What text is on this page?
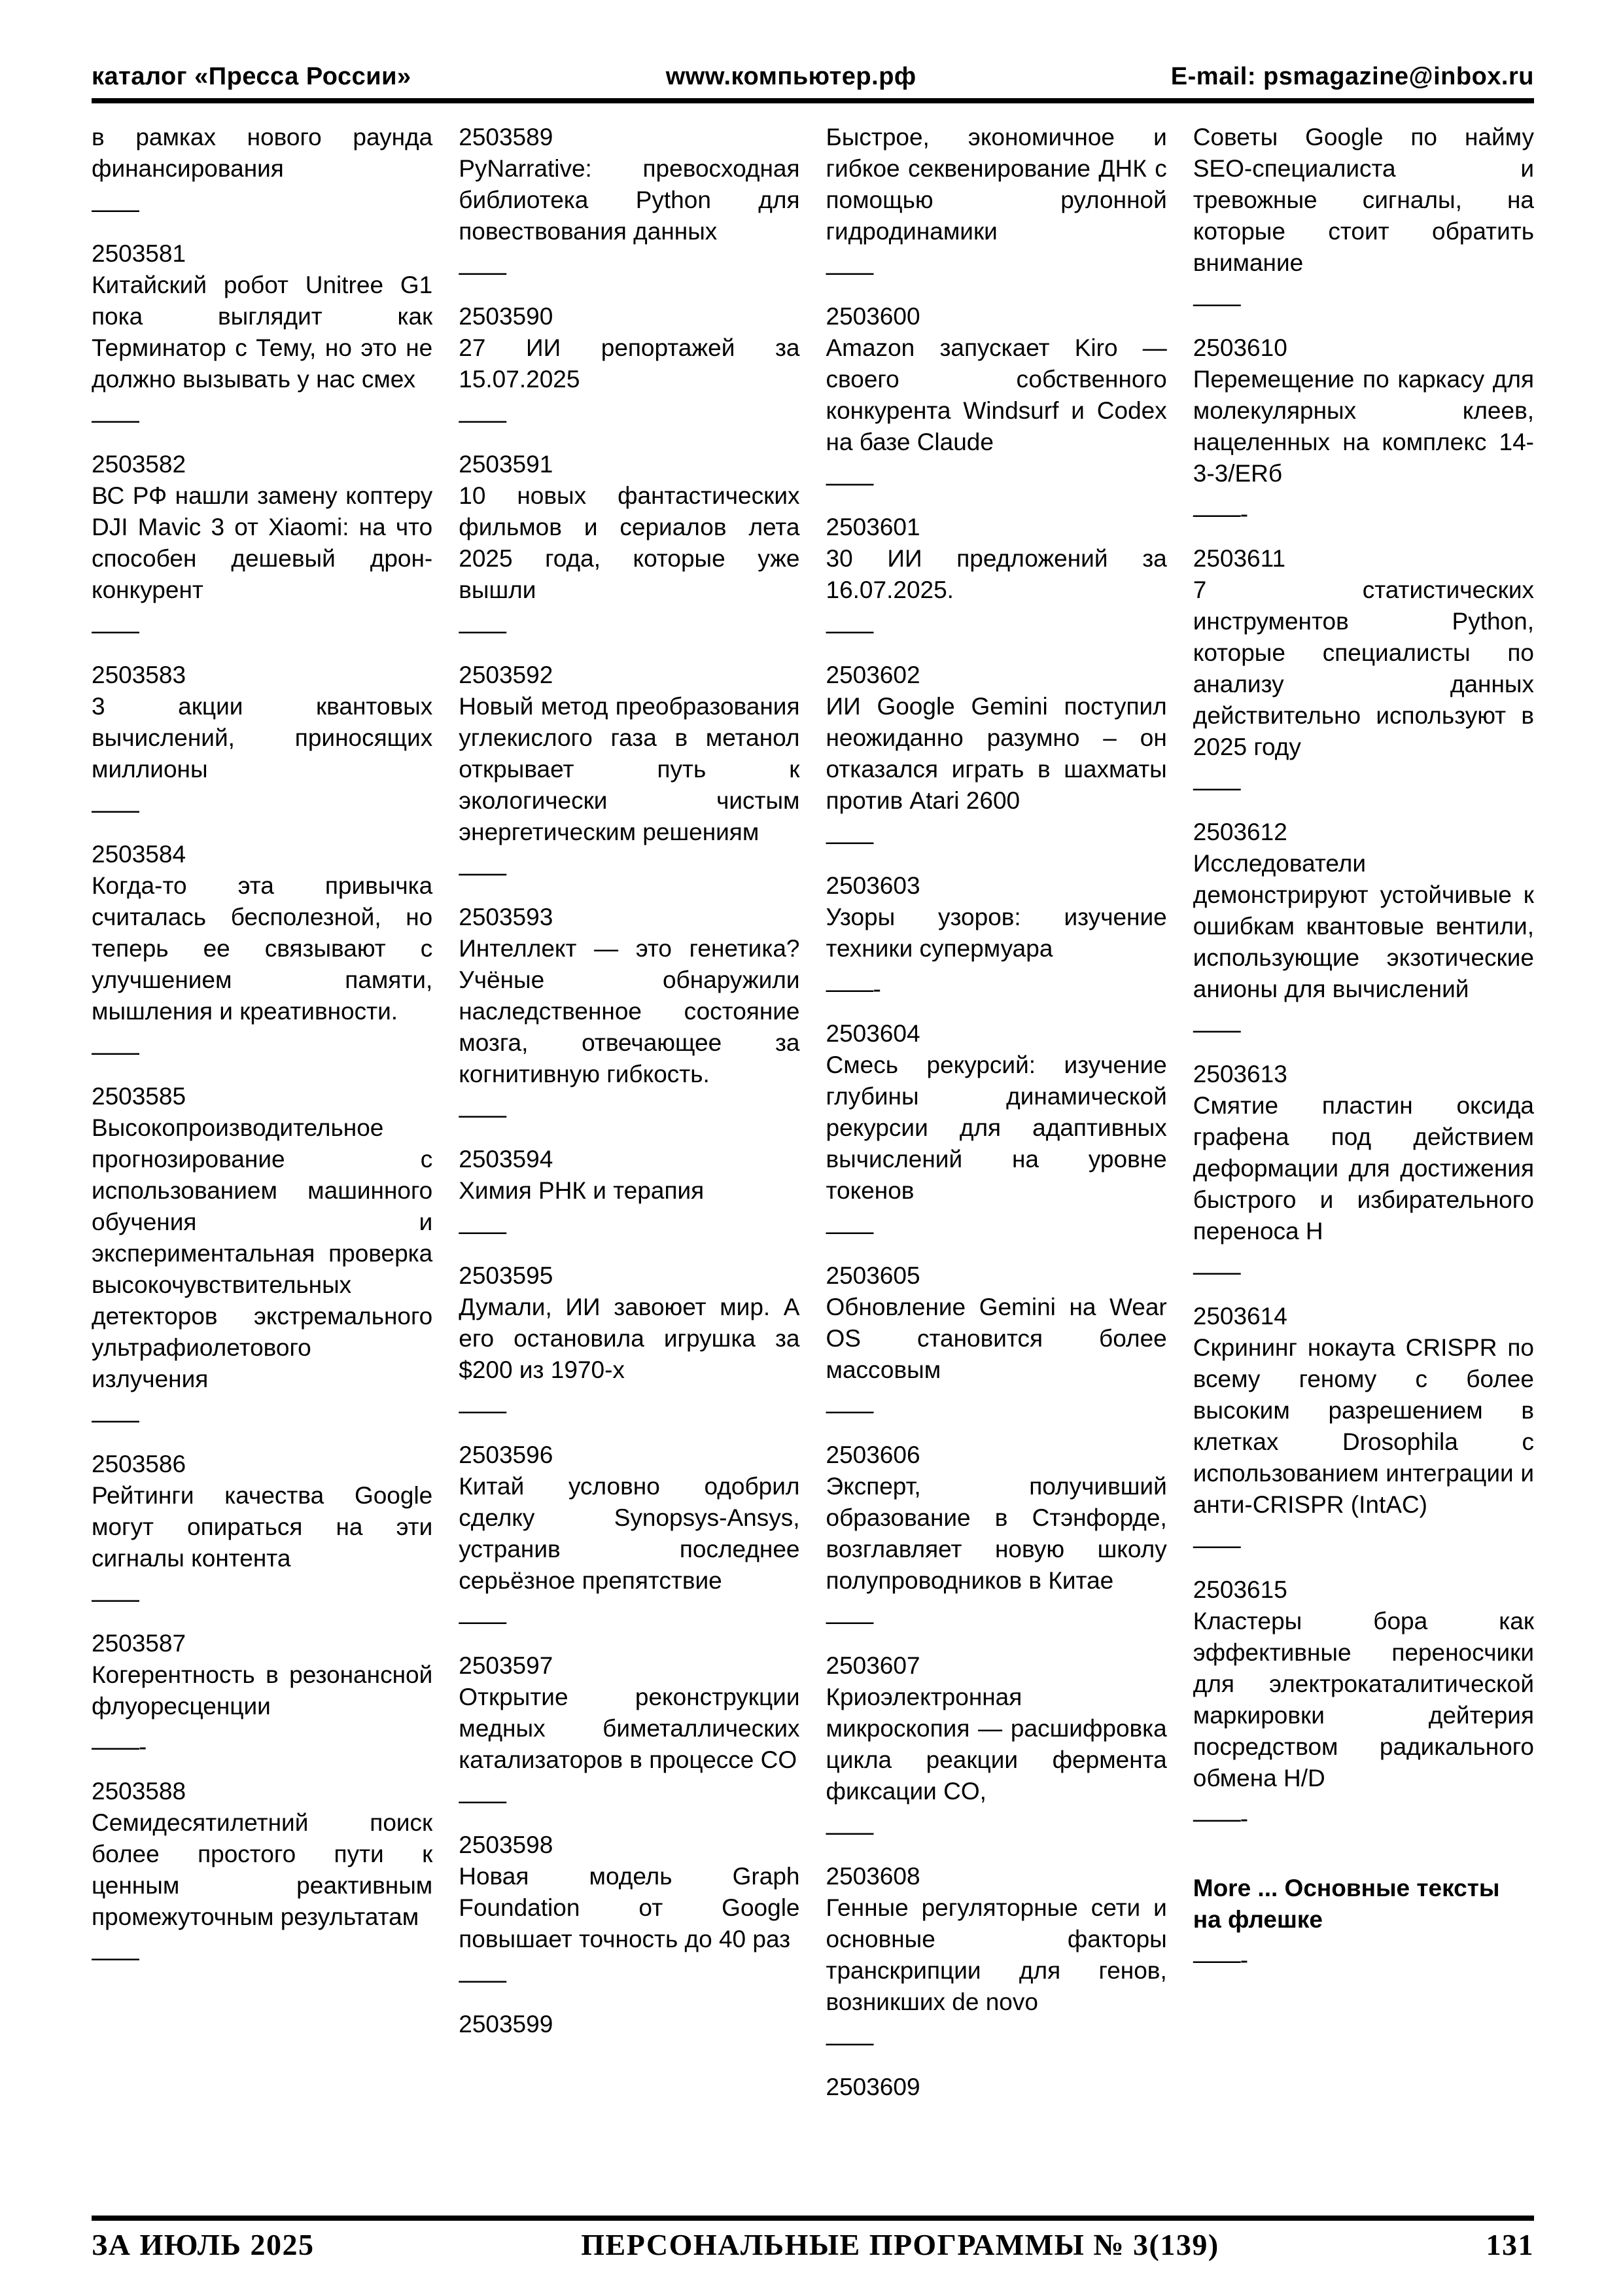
каталог «Пресса России»	www.компьютер.рф	E-mail: psmagazine@inbox.ru
в рамках нового раунда финансирования
——
2503581
Китайский робот Unitree G1 пока выглядит как Терминатор с Тему, но это не должно вызывать у нас смех
——
2503582
ВС РФ нашли замену коптеру DJI Mavic 3 от Xiaomi: на что способен дешевый дрон-конкурент
——
2503583
3 акции квантовых вычислений, приносящих миллионы
——
2503584
Когда-то эта привычка считалась бесполезной, но теперь ее связывают с улучшением памяти, мышления и креативности.
——
2503585
Высокопроизводительное прогнозирование с использованием машинного обучения и экспериментальная проверка высокочувствительных детекторов экстремального ультрафиолетового излучения
——
2503586
Рейтинги качества Google могут опираться на эти сигналы контента
——
2503587
Когерентность в резонансной флуоресценции
——-
2503588
Семидесятилетний поиск более простого пути к ценным реактивным промежуточным результатам
——
2503589
PyNarrative: превосходная библиотека Python для повествования данных
——
2503590
27 ИИ репортажей за 15.07.2025
——
2503591
10 новых фантастических фильмов и сериалов лета 2025 года, которые уже вышли
——
2503592
Новый метод преобразования углекислого газа в метанол открывает путь к экологически чистым энергетическим решениям
——
2503593
Интеллект — это генетика? Учёные обнаружили наследственное состояние мозга, отвечающее за когнитивную гибкость.
——
2503594
Химия РНК и терапия
——
2503595
Думали, ИИ завоюет мир. А его остановила игрушка за $200 из 1970-х
——
2503596
Китай условно одобрил сделку Synopsys-Ansys, устранив последнее серьёзное препятствие
——
2503597
Открытие реконструкции медных биметаллических катализаторов в процессе CO
——
2503598
Новая модель Graph Foundation от Google повышает точность до 40 раз
——
2503599
Быстрое, экономичное и гибкое секвенирование ДНК с помощью рулонной гидродинамики
——
2503600
Amazon запускает Kiro — своего собственного конкурента Windsurf и Codex на базе Claude
——
2503601
30 ИИ предложений за 16.07.2025.
——
2503602
ИИ Google Gemini поступил неожиданно разумно – он отказался играть в шахматы против Atari 2600
——
2503603
Узоры узоров: изучение техники супермуара
——-
2503604
Смесь рекурсий: изучение глубины динамической рекурсии для адаптивных вычислений на уровне токенов
——
2503605
Обновление Gemini на Wear OS становится более массовым
——
2503606
Эксперт, получивший образование в Стэнфорде, возглавляет новую школу полупроводников в Китае
——
2503607
Криоэлектронная микроскопия — расшифровка цикла реакции фермента фиксации CO,
——
2503608
Генные регуляторные сети и основные факторы транскрипции для генов, возникших de novo
——
2503609
Советы Google по найму SEO-специалиста и тревожные сигналы, на которые стоит обратить внимание
——
2503610
Перемещение по каркасу для молекулярных клеев, нацеленных на комплекс 14-3-3/ERб
——-
2503611
7 статистических инструментов Python, которые специалисты по анализу данных действительно используют в 2025 году
——
2503612
Исследователи демонстрируют устойчивые к ошибкам квантовые вентили, использующие экзотические анионы для вычислений
——
2503613
Смятие пластин оксида графена под действием деформации для достижения быстрого и избирательного переноса Н
——
2503614
Скрининг нокаута CRISPR по всему геному с более высоким разрешением в клетках Drosophila с использованием интеграции и анти-CRISPR (IntAC)
——
2503615
Кластеры бора как эффективные переносчики для электрокаталитической маркировки дейтерия посредством радикального обмена H/D
——-
More ... Основные тексты на флешке
——-
ЗА ИЮЛЬ 2025	ПЕРСОНАЛЬНЫЕ ПРОГРАММЫ № 3(139)	131
